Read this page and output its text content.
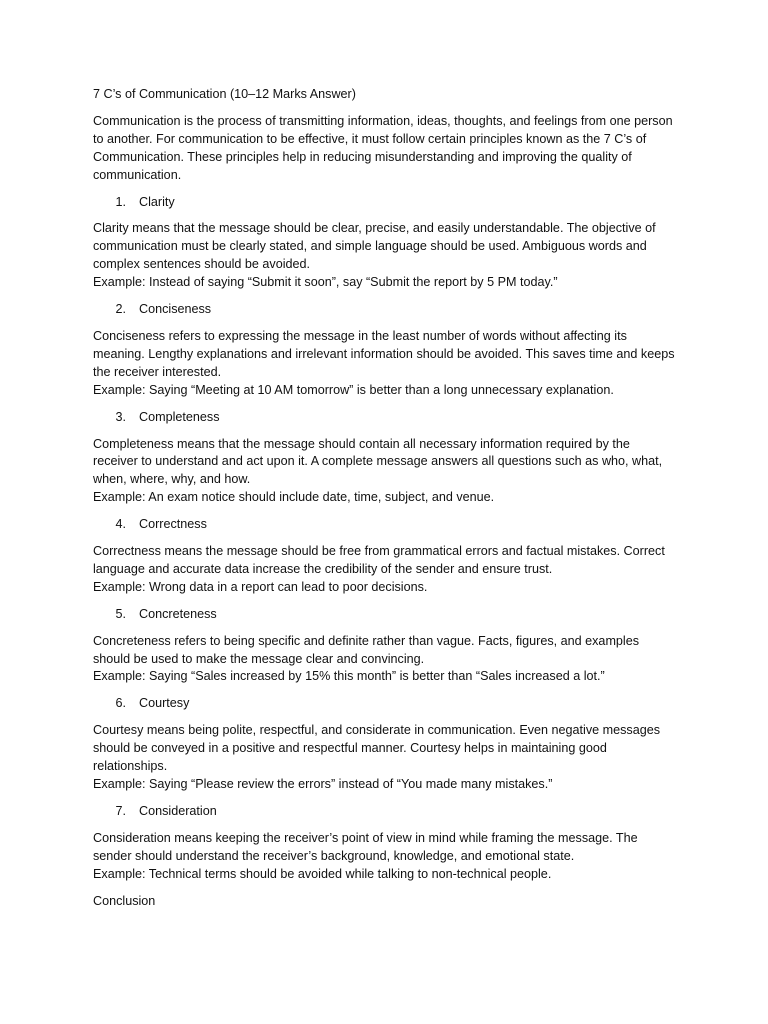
7 C’s of Communication (10–12 Marks Answer)
Communication is the process of transmitting information, ideas, thoughts, and feelings from one person to another. For communication to be effective, it must follow certain principles known as the 7 C’s of Communication. These principles help in reducing misunderstanding and improving the quality of communication.
1.	Clarity
Clarity means that the message should be clear, precise, and easily understandable. The objective of communication must be clearly stated, and simple language should be used. Ambiguous words and complex sentences should be avoided.
Example: Instead of saying “Submit it soon”, say “Submit the report by 5 PM today.”
2.	Conciseness
Conciseness refers to expressing the message in the least number of words without affecting its meaning. Lengthy explanations and irrelevant information should be avoided. This saves time and keeps the receiver interested.
Example: Saying “Meeting at 10 AM tomorrow” is better than a long unnecessary explanation.
3.	Completeness
Completeness means that the message should contain all necessary information required by the receiver to understand and act upon it. A complete message answers all questions such as who, what, when, where, why, and how.
Example: An exam notice should include date, time, subject, and venue.
4.	Correctness
Correctness means the message should be free from grammatical errors and factual mistakes. Correct language and accurate data increase the credibility of the sender and ensure trust.
Example: Wrong data in a report can lead to poor decisions.
5.	Concreteness
Concreteness refers to being specific and definite rather than vague. Facts, figures, and examples should be used to make the message clear and convincing.
Example: Saying “Sales increased by 15% this month” is better than “Sales increased a lot.”
6.	Courtesy
Courtesy means being polite, respectful, and considerate in communication. Even negative messages should be conveyed in a positive and respectful manner. Courtesy helps in maintaining good relationships.
Example: Saying “Please review the errors” instead of “You made many mistakes.”
7.	Consideration
Consideration means keeping the receiver’s point of view in mind while framing the message. The sender should understand the receiver’s background, knowledge, and emotional state.
Example: Technical terms should be avoided while talking to non-technical people.
Conclusion
